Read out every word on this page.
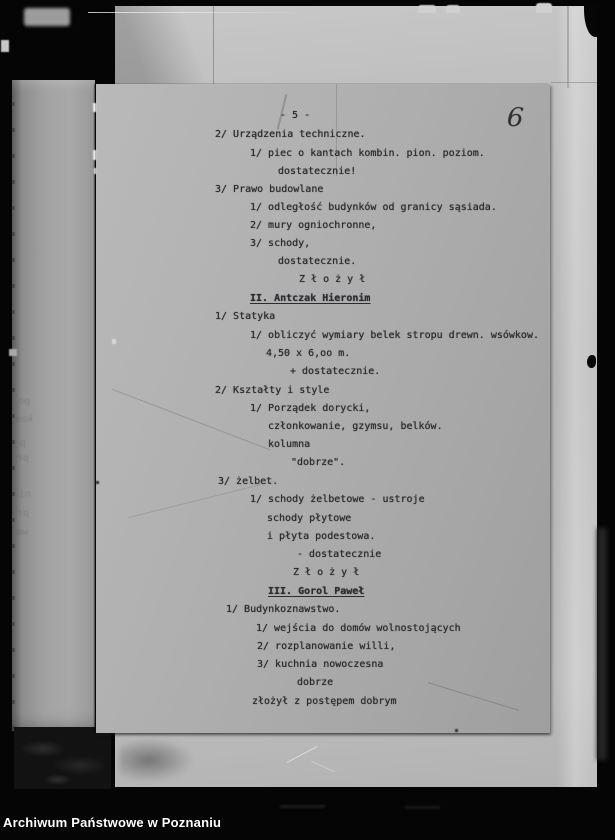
po
kos
p
pr
ni
pr
wo
- 5 -
2/ Urządzenia techniczne.
1/ piec o kantach kombin. pion. poziom.
dostatecznie!
3/ Prawo budowlane
1/ odległość budynków od granicy sąsiada.
2/ mury ogniochronne,
3/ schody,
dostatecznie.
Z ł o ż y ł
II. Antczak Hieronim
1/ Statyka
1/ obliczyć wymiary belek stropu drewn. wsówkow.
4,50 x 6,oo m.
+ dostatecznie.
2/ Kształty i style
1/ Porządek dorycki,
członkowanie, gzymsu, belków.
kolumna
"dobrze".
3/ żelbet.
1/ schody żelbetowe - ustroje
schody płytowe
i płyta podestowa.
- dostatecznie
Z ł o ż y ł
III. Gorol Paweł
1/ Budynkoznawstwo.
1/ wejścia do domów wolnostojących
2/ rozplanowanie willi,
3/ kuchnia nowoczesna
dobrze
złożył z postępem dobrym
6
Archiwum Państwowe w Poznaniu
